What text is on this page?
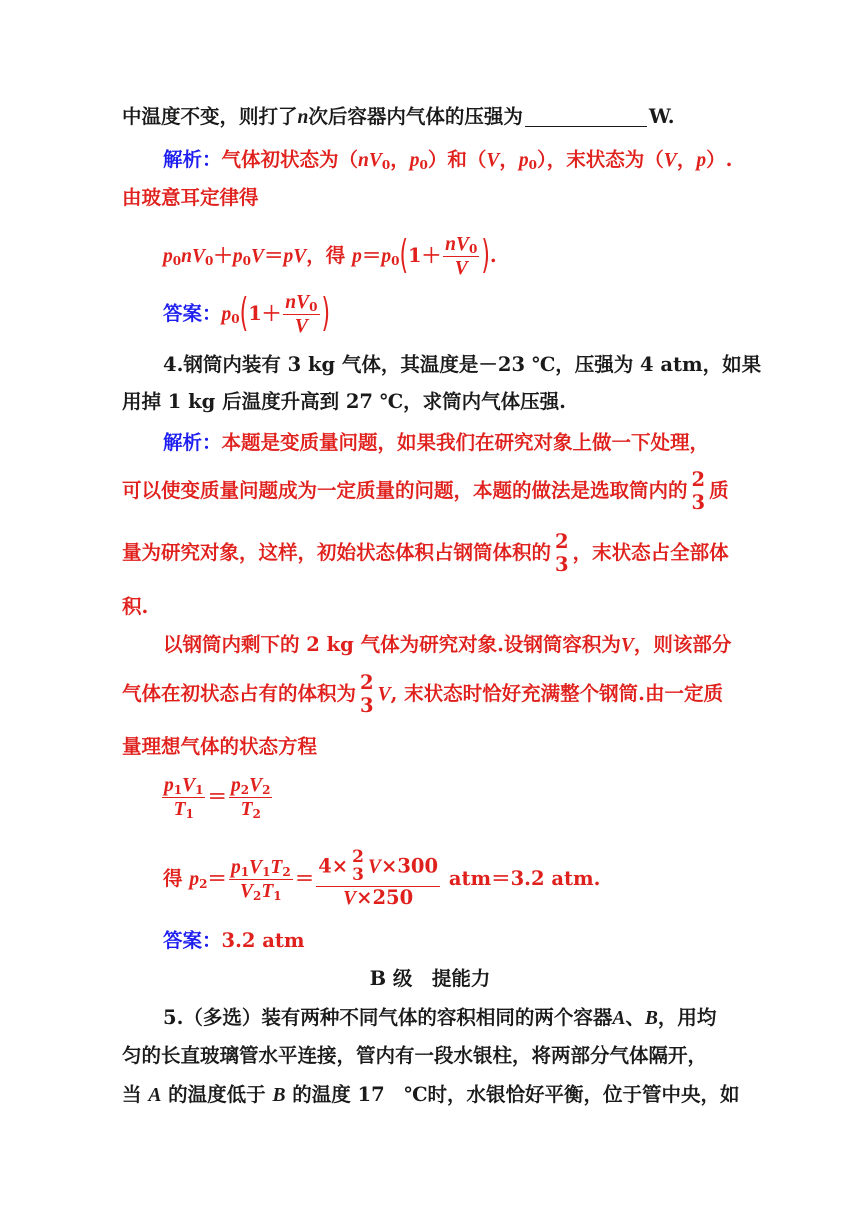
中温度不变，则打了n次后容器内气体的压强为	W.
解析：气体初状态为（$nV_0$，$p_0$）和（V，$p_0$），末状态为（V，p）.
由玻意耳定律得
$p_0nV_0+p_0V=pV$，得 $p=p_0(1+ \frac{nV_0}{V}$ ).
答案：$p_0(1+ \frac{nV_0}{V}$ )
4.钢筒内装有 3 kg 气体，其温度是－23 ℃，压强为 4 atm，如果
用掉 1 kg 后温度升高到 27 ℃，求筒内气体压强.
解析：本题是变质量问题，如果我们在研究对象上做一下处理，
可以使变质量问题成为一定质量的问题，本题的做法是选取筒内的 2
3 质
量为研究对象，这样，初始状态体积占钢筒体积的 2
3 ，末状态占全部体
积.
以钢筒内剩下的 2 kg 气体为研究对象.设钢筒容积为V，则该部分
气体在初状态占有的体积为 2
3 V, 末状态时恰好充满整个钢筒.由一定质
量理想气体的状态方程
$\frac{p_1V_1}{T_1} = \frac{p_2V_2}{T_2}$
得 $p_2= \frac{p_1V_1T_2}{V_2T_1} = 4\times 2$
3 V×300
V×250 atm＝3.2 atm.
答案：3.2 atm
B 级　提能力
5.（多选）装有两种不同气体的容积相同的两个容器A、B，用均
匀的长直玻璃管水平连接，管内有一段水银柱，将两部分气体隔开，
当 A 的温度低于 B 的温度 17　℃时，水银恰好平衡，位于管中央，如
